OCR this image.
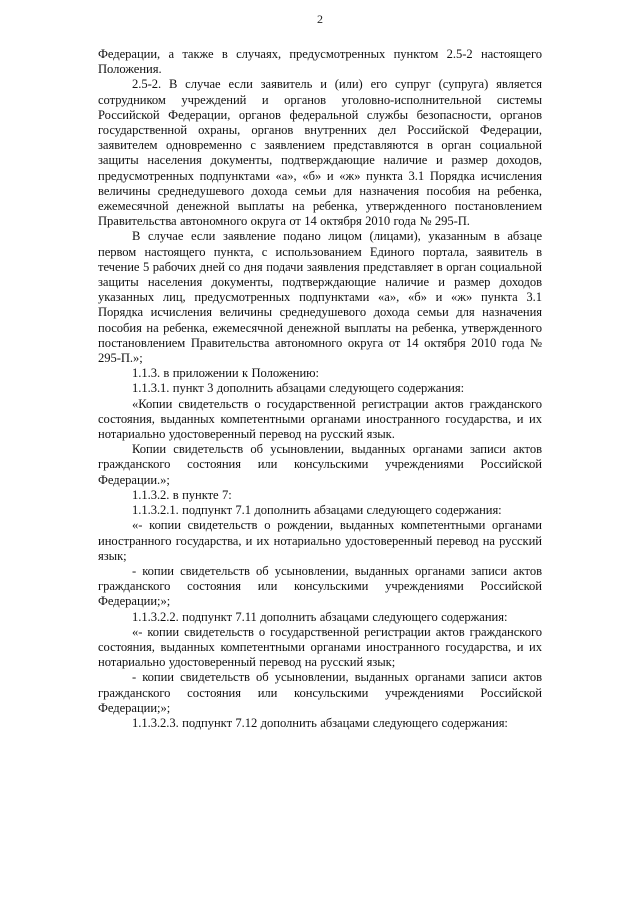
2

Федерации, а также в случаях, предусмотренных пунктом 2.5-2 настоящего Положения.

2.5-2. В случае если заявитель и (или) его супруг (супруга) является сотрудником учреждений и органов уголовно-исполнительной системы Российской Федерации, органов федеральной службы безопасности, органов государственной охраны, органов внутренних дел Российской Федерации, заявителем одновременно с заявлением представляются в орган социальной защиты населения документы, подтверждающие наличие и размер доходов, предусмотренных подпунктами «а», «б» и «ж» пункта 3.1 Порядка исчисления величины среднедушевого дохода семьи для назначения пособия на ребенка, ежемесячной денежной выплаты на ребенка, утвержденного постановлением Правительства автономного округа от 14 октября 2010 года № 295-П.

В случае если заявление подано лицом (лицами), указанным в абзаце первом настоящего пункта, с использованием Единого портала, заявитель в течение 5 рабочих дней со дня подачи заявления представляет в орган социальной защиты населения документы, подтверждающие наличие и размер доходов указанных лиц, предусмотренных подпунктами «а», «б» и «ж» пункта 3.1 Порядка исчисления величины среднедушевого дохода семьи для назначения пособия на ребенка, ежемесячной денежной выплаты на ребенка, утвержденного постановлением Правительства автономного округа от 14 октября 2010 года № 295-П.»;

1.1.3. в приложении к Положению:

1.1.3.1. пункт 3 дополнить абзацами следующего содержания:

«Копии свидетельств о государственной регистрации актов гражданского состояния, выданных компетентными органами иностранного государства, и их нотариально удостоверенный перевод на русский язык.

Копии свидетельств об усыновлении, выданных органами записи актов гражданского состояния или консульскими учреждениями Российской Федерации.»;

1.1.3.2. в пункте 7:

1.1.3.2.1. подпункт 7.1 дополнить абзацами следующего содержания:

«- копии свидетельств о рождении, выданных компетентными органами иностранного государства, и их нотариально удостоверенный перевод на русский язык;

- копии свидетельств об усыновлении, выданных органами записи актов гражданского состояния или консульскими учреждениями Российской Федерации;»;

1.1.3.2.2. подпункт 7.11 дополнить абзацами следующего содержания:

«- копии свидетельств о государственной регистрации актов гражданского состояния, выданных компетентными органами иностранного государства, и их нотариально удостоверенный перевод на русский язык;

- копии свидетельств об усыновлении, выданных органами записи актов гражданского состояния или консульскими учреждениями Российской Федерации;»;

1.1.3.2.3. подпункт 7.12 дополнить абзацами следующего содержания:
